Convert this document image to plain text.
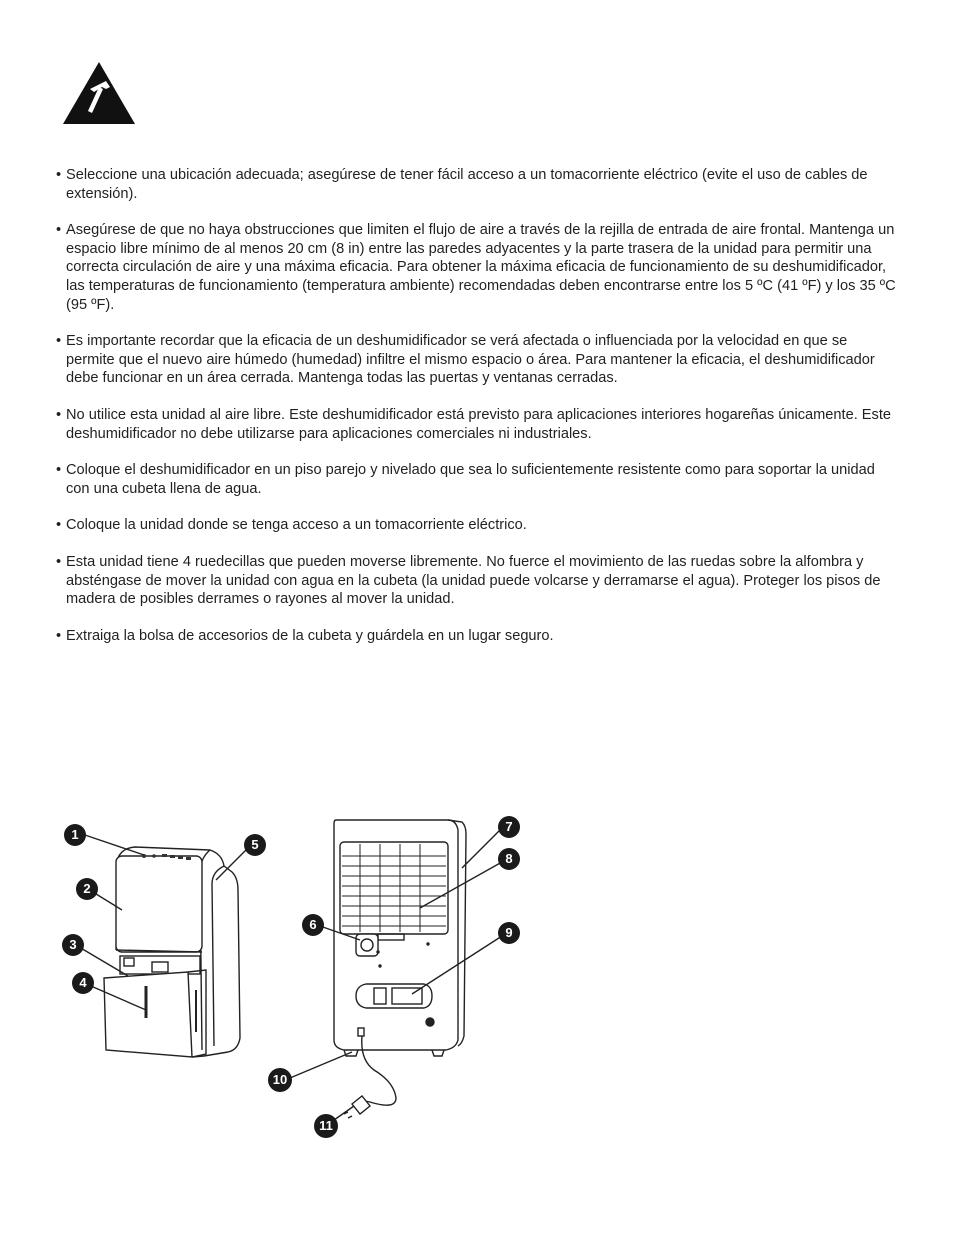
• Seleccione una ubicación adecuada; asegúrese de tener fácil acceso a un tomacorriente eléctrico (evite el uso de cables de extensión).
• Asegúrese de que no haya obstrucciones que limiten el flujo de aire a través de la rejilla de entrada de aire frontal. Mantenga un espacio libre mínimo de al menos 20 cm (8 in) entre las paredes adyacentes y la parte trasera de la unidad para permitir una correcta circulación de aire y una máxima eficacia. Para obtener la máxima eficacia de funcionamiento de su deshumidificador, las temperaturas de funcionamiento (temperatura ambiente) recomendadas deben encontrarse entre los 5 ºC (41 ºF) y los 35 ºC (95 ºF).
• Es importante recordar que la eficacia de un deshumidificador se verá afectada o influenciada por la velocidad en que se permite que el nuevo aire húmedo (humedad) infiltre el mismo espacio o área. Para mantener la eficacia, el deshumidificador debe funcionar en un área cerrada. Mantenga todas las puertas y ventanas cerradas.
• No utilice esta unidad al aire libre. Este deshumidificador está previsto para aplicaciones interiores hogareñas únicamente. Este deshumidificador no debe utilizarse para aplicaciones comerciales ni industriales.
• Coloque el deshumidificador en un piso parejo y nivelado que sea lo suficientemente resistente como para soportar la unidad con una cubeta llena de agua.
• Coloque la unidad donde se tenga acceso a un tomacorriente eléctrico.
• Esta unidad tiene 4 ruedecillas que pueden moverse libremente. No fuerce el movimiento de las ruedas sobre la alfombra y absténgase de mover la unidad con agua en la cubeta (la unidad puede volcarse y derramarse el agua). Proteger los pisos de madera de posibles derrames o rayones al mover la unidad.
• Extraiga la bolsa de accesorios de la cubeta y guárdela en un lugar seguro.
1
2
3
4
5
6
7
8
9
10
11
